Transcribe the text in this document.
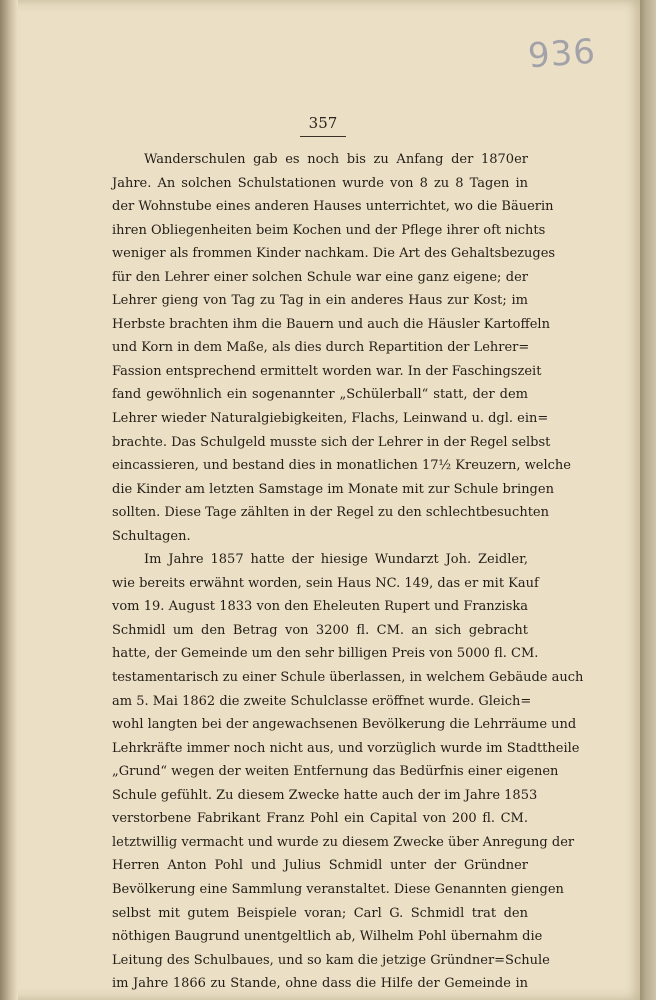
936
357
Wanderschulen gab es noch bis zu Anfang der 1870er
Jahre. An solchen Schulstationen wurde von 8 zu 8 Tagen in
der Wohnstube eines anderen Hauses unterrichtet, wo die Bäuerin
ihren Obliegenheiten beim Kochen und der Pflege ihrer oft nichts
weniger als frommen Kinder nachkam. Die Art des Gehaltsbezuges
für den Lehrer einer solchen Schule war eine ganz eigene; der
Lehrer gieng von Tag zu Tag in ein anderes Haus zur Kost; im
Herbste brachten ihm die Bauern und auch die Häusler Kartoffeln
und Korn in dem Maße, als dies durch Repartition der Lehrer=
Fassion entsprechend ermittelt worden war. In der Faschingszeit
fand gewöhnlich ein sogenannter „Schülerball“ statt, der dem
Lehrer wieder Naturalgiebigkeiten, Flachs, Leinwand u. dgl. ein=
brachte. Das Schulgeld musste sich der Lehrer in der Regel selbst
eincassieren, und bestand dies in monatlichen 17½ Kreuzern, welche
die Kinder am letzten Samstage im Monate mit zur Schule bringen
sollten. Diese Tage zählten in der Regel zu den schlechtbesuchten
Schultagen.
Im Jahre 1857 hatte der hiesige Wundarzt Joh. Zeidler,
wie bereits erwähnt worden, sein Haus NC. 149, das er mit Kauf
vom 19. August 1833 von den Eheleuten Rupert und Franziska
Schmidl um den Betrag von 3200 fl. CM. an sich gebracht
hatte, der Gemeinde um den sehr billigen Preis von 5000 fl. CM.
testamentarisch zu einer Schule überlassen, in welchem Gebäude auch
am 5. Mai 1862 die zweite Schulclasse eröffnet wurde. Gleich=
wohl langten bei der angewachsenen Bevölkerung die Lehrräume und
Lehrkräfte immer noch nicht aus, und vorzüglich wurde im Stadttheile
„Grund“ wegen der weiten Entfernung das Bedürfnis einer eigenen
Schule gefühlt. Zu diesem Zwecke hatte auch der im Jahre 1853
verstorbene Fabrikant Franz Pohl ein Capital von 200 fl. CM.
letztwillig vermacht und wurde zu diesem Zwecke über Anregung der
Herren Anton Pohl und Julius Schmidl unter der Gründner
Bevölkerung eine Sammlung veranstaltet. Diese Genannten giengen
selbst mit gutem Beispiele voran; Carl G. Schmidl trat den
nöthigen Baugrund unentgeltlich ab, Wilhelm Pohl übernahm die
Leitung des Schulbaues, und so kam die jetzige Gründner=Schule
im Jahre 1866 zu Stande, ohne dass die Hilfe der Gemeinde in
